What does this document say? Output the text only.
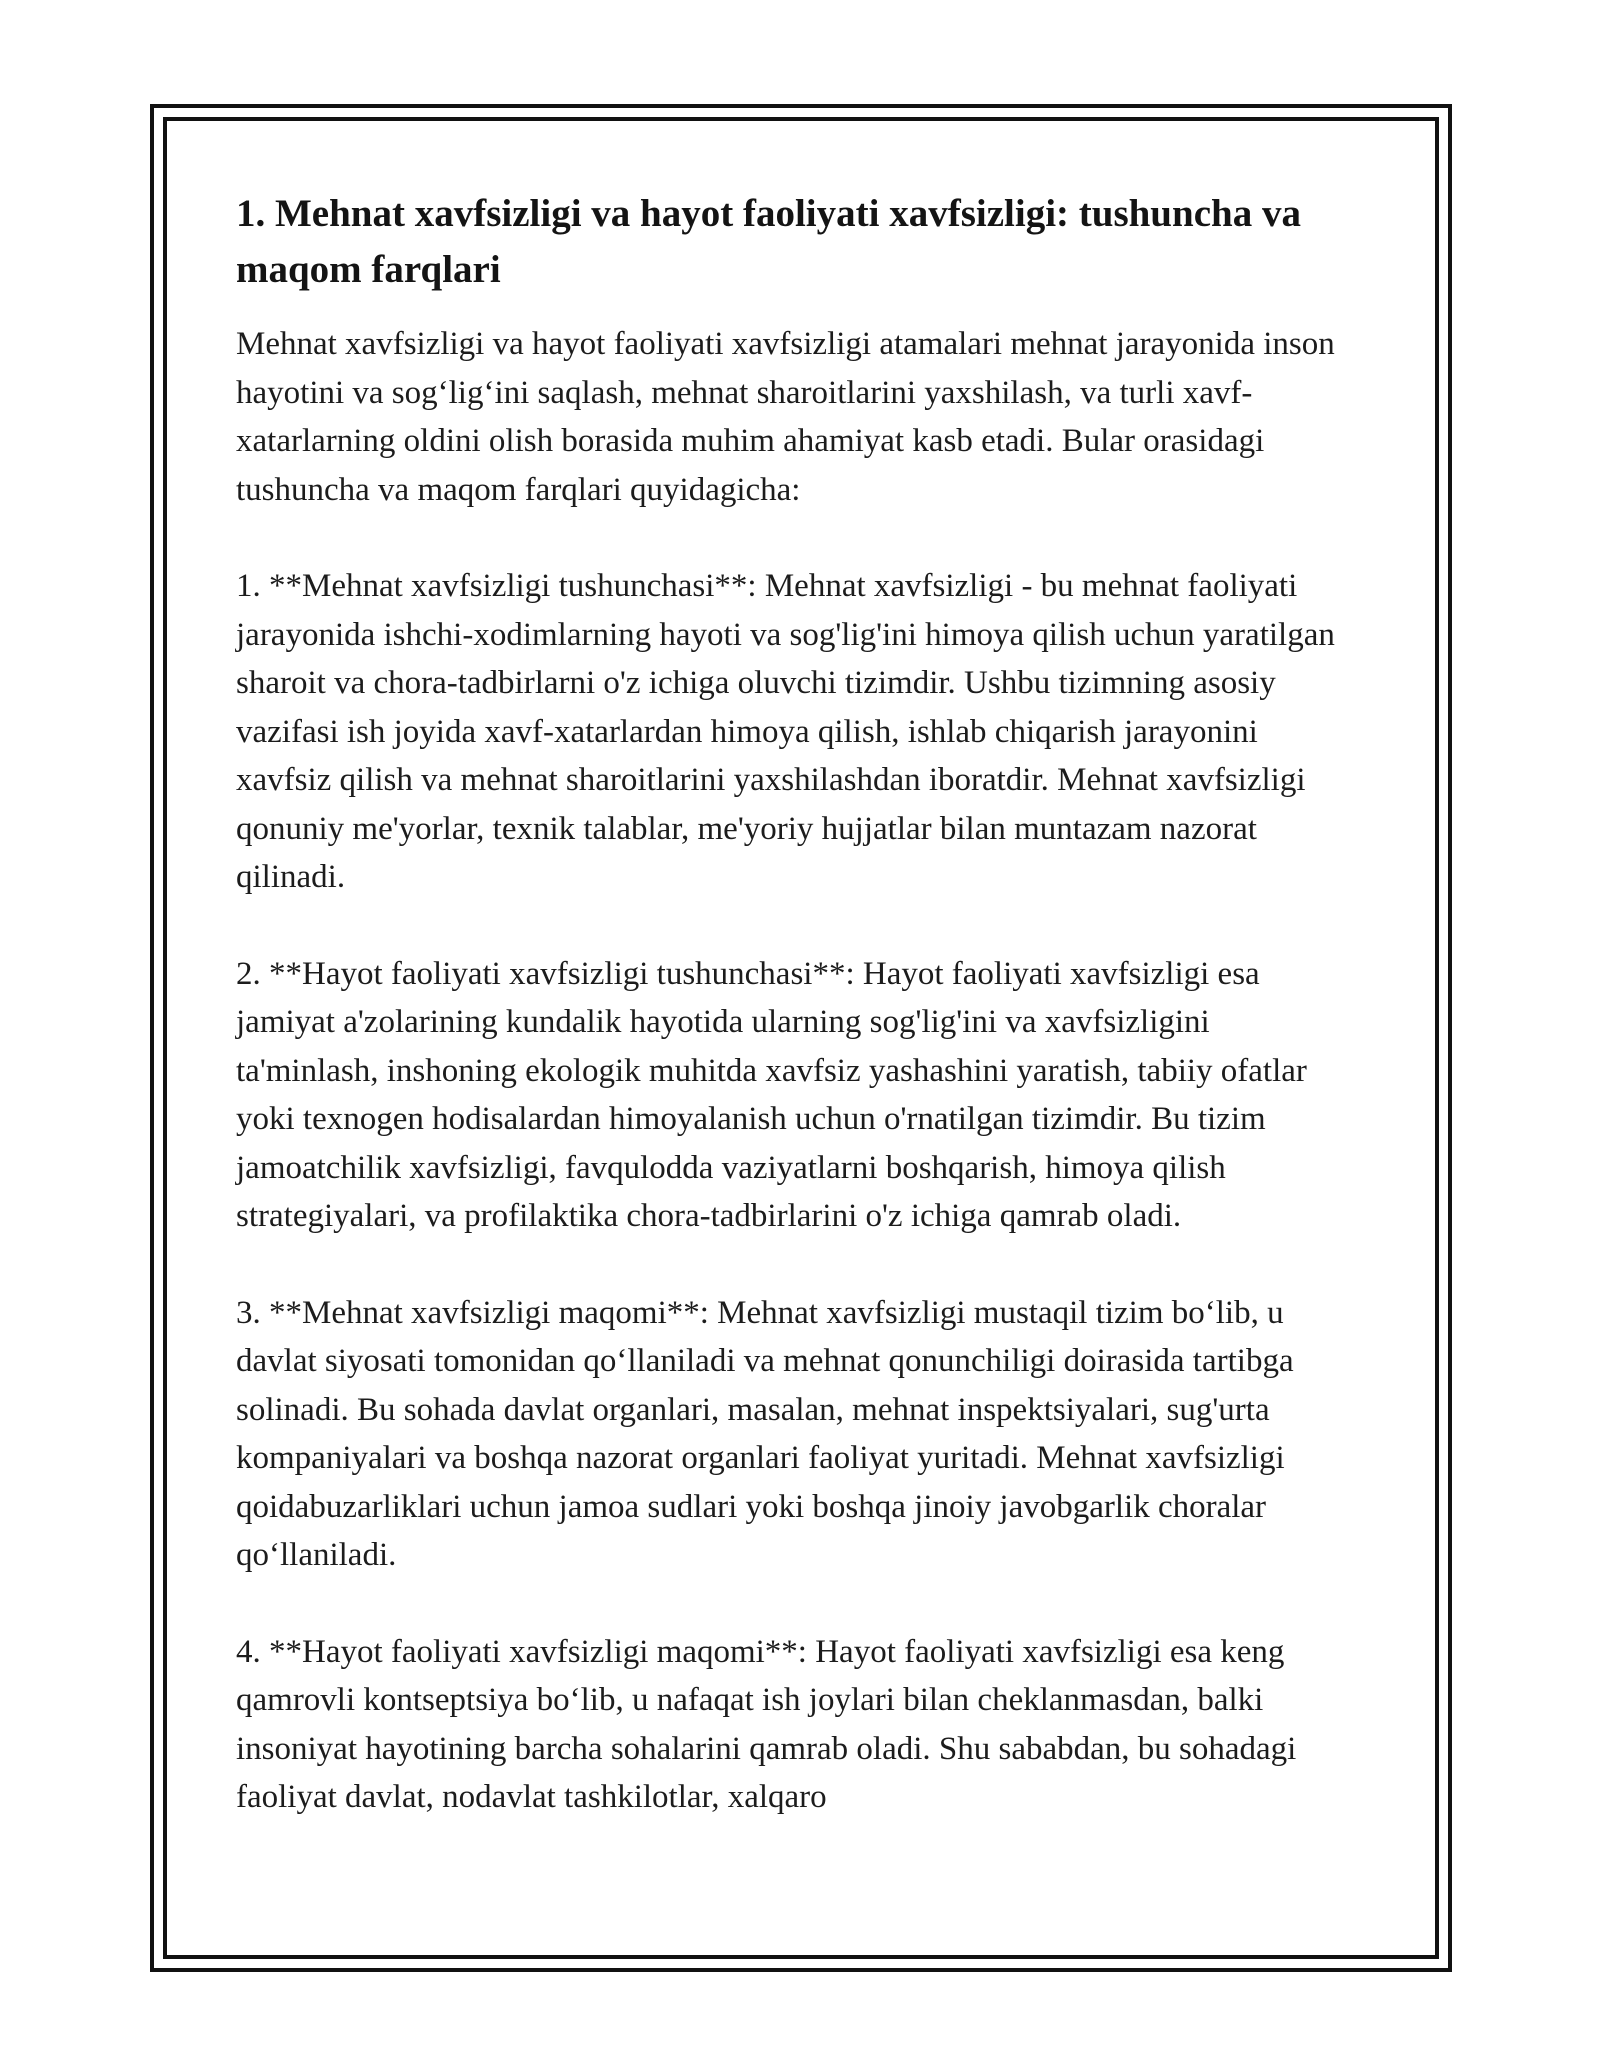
1. Mehnat xavfsizligi va hayot faoliyati xavfsizligi: tushuncha va maqom farqlari

Mehnat xavfsizligi va hayot faoliyati xavfsizligi atamalari mehnat jarayonida inson hayotini va sog‘lig‘ini saqlash, mehnat sharoitlarini yaxshilash, va turli xavf-xatarlarning oldini olish borasida muhim ahamiyat kasb etadi. Bular orasidagi tushuncha va maqom farqlari quyidagicha:

1. **Mehnat xavfsizligi tushunchasi**: Mehnat xavfsizligi - bu mehnat faoliyati jarayonida ishchi-xodimlarning hayoti va sog'lig'ini himoya qilish uchun yaratilgan sharoit va chora-tadbirlarni o'z ichiga oluvchi tizimdir. Ushbu tizimning asosiy vazifasi ish joyida xavf-xatarlardan himoya qilish, ishlab chiqarish jarayonini xavfsiz qilish va mehnat sharoitlarini yaxshilashdan iboratdir. Mehnat xavfsizligi qonuniy me'yorlar, texnik talablar, me'yoriy hujjatlar bilan muntazam nazorat qilinadi.

2. **Hayot faoliyati xavfsizligi tushunchasi**: Hayot faoliyati xavfsizligi esa jamiyat a'zolarining kundalik hayotida ularning sog'lig'ini va xavfsizligini ta'minlash, inshoning ekologik muhitda xavfsiz yashashini yaratish, tabiiy ofatlar yoki texnogen hodisalardan himoyalanish uchun o'rnatilgan tizimdir. Bu tizim jamoatchilik xavfsizligi, favqulodda vaziyatlarni boshqarish, himoya qilish strategiyalari, va profilaktika chora-tadbirlarini o'z ichiga qamrab oladi.

3. **Mehnat xavfsizligi maqomi**: Mehnat xavfsizligi mustaqil tizim bo‘lib, u davlat siyosati tomonidan qo‘llaniladi va mehnat qonunchiligi doirasida tartibga solinadi. Bu sohada davlat organlari, masalan, mehnat inspektsiyalari, sug'urta kompaniyalari va boshqa nazorat organlari faoliyat yuritadi. Mehnat xavfsizligi qoidabuzarliklari uchun jamoa sudlari yoki boshqa jinoiy javobgarlik choralar qo‘llaniladi.

4. **Hayot faoliyati xavfsizligi maqomi**: Hayot faoliyati xavfsizligi esa keng qamrovli kontseptsiya bo‘lib, u nafaqat ish joylari bilan cheklanmasdan, balki insoniyat hayotining barcha sohalarini qamrab oladi. Shu sababdan, bu sohadagi faoliyat davlat, nodavlat tashkilotlar, xalqaro
